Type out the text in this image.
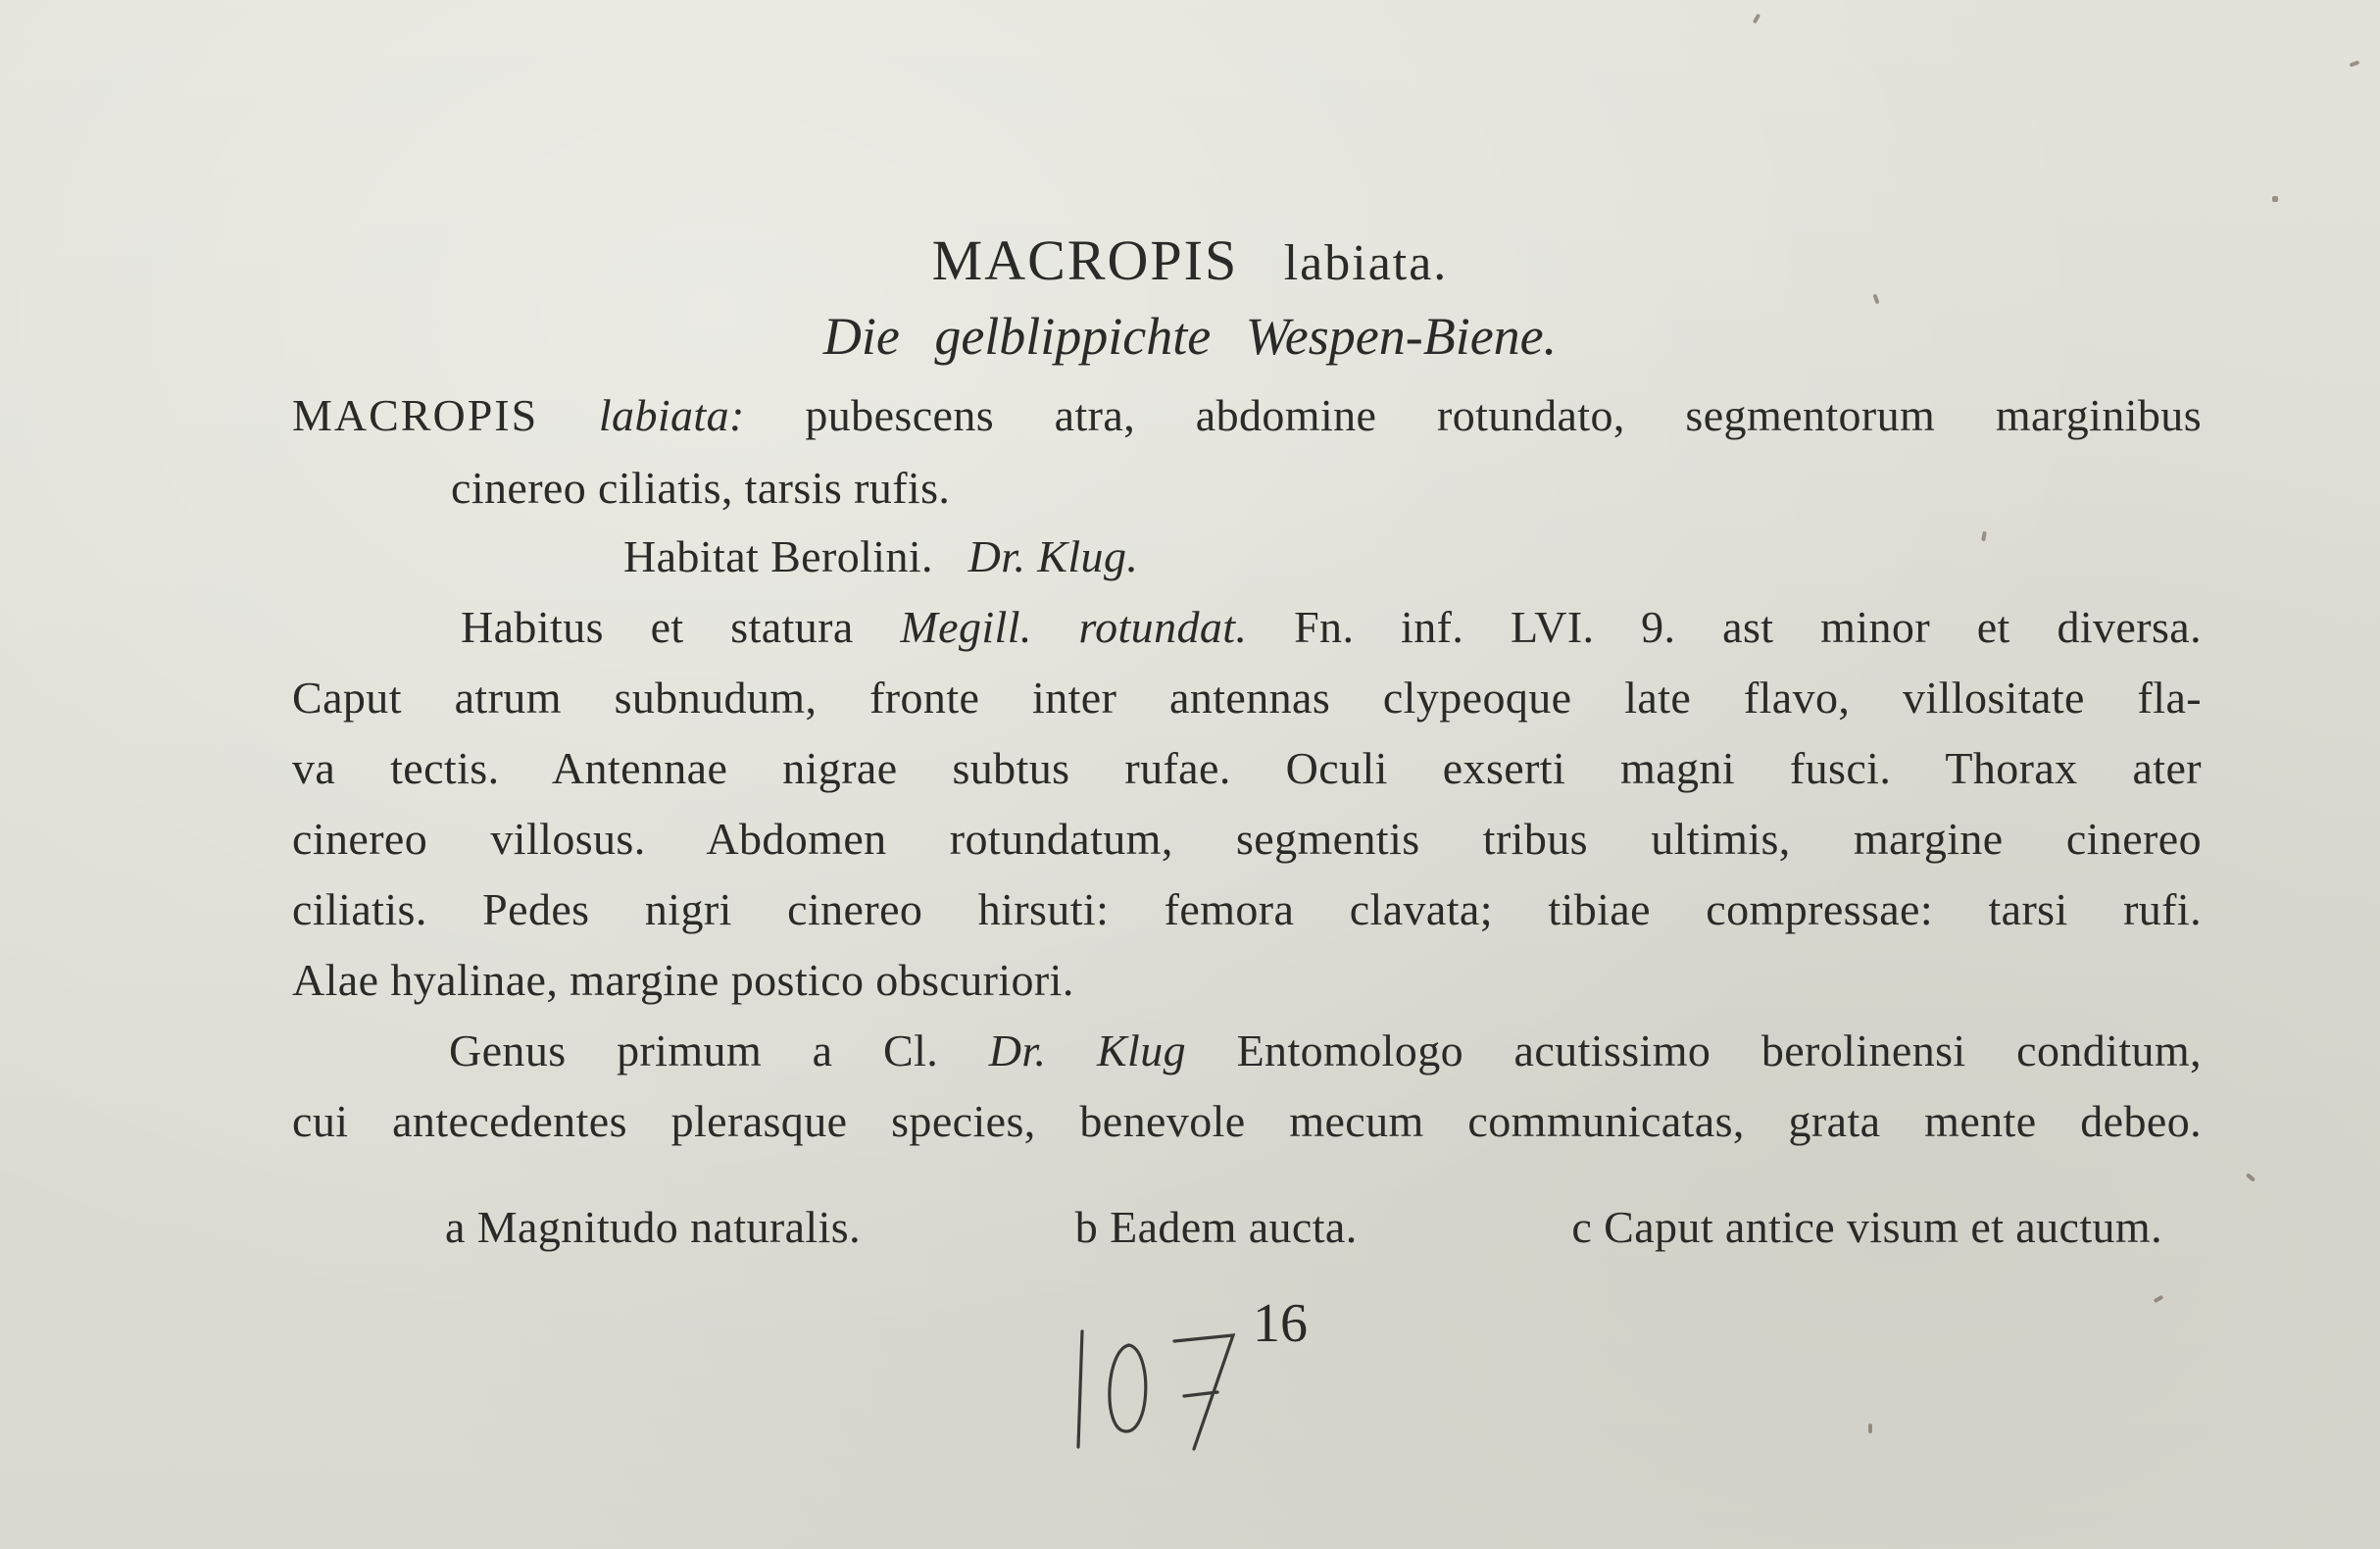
MACROPIS labiata.
Die gelblippichte Wespen-Biene.
MACROPIS labiata: pubescens atra, abdomine rotundato, segmentorum marginibus
cinereo ciliatis, tarsis rufis.
Habitat Berolini. Dr. Klug.
Habitus et statura Megill. rotundat. Fn. inf. LVI. 9. ast minor et diversa.
Caput atrum subnudum, fronte inter antennas clypeoque late flavo, villositate fla-
va tectis. Antennae nigrae subtus rufae. Oculi exserti magni fusci. Thorax ater
cinereo villosus. Abdomen rotundatum, segmentis tribus ultimis, margine cinereo
ciliatis. Pedes nigri cinereo hirsuti: femora clavata; tibiae compressae: tarsi rufi.
Alae hyalinae, margine postico obscuriori.
Genus primum a Cl. Dr. Klug Entomologo acutissimo berolinensi conditum,
cui antecedentes plerasque species, benevole mecum communicatas, grata mente debeo.
a Magnitudo naturalis.	b Eadem aucta.	c Caput antice visum et auctum.
16
